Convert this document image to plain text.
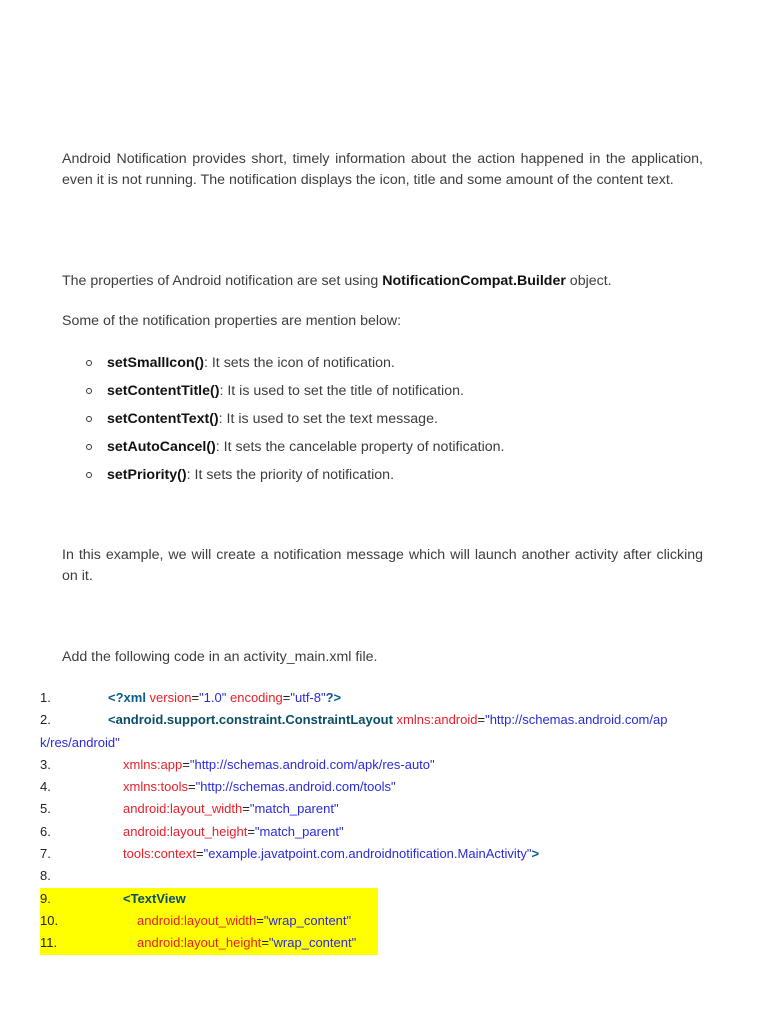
Android Notification provides short, timely information about the action happened in the application, even it is not running. The notification displays the icon, title and some amount of the content text.

The properties of Android notification are set using NotificationCompat.Builder object.

Some of the notification properties are mention below:

setSmallIcon(): It sets the icon of notification.
setContentTitle(): It is used to set the title of notification.
setContentText(): It is used to set the text message.
setAutoCancel(): It sets the cancelable property of notification.
setPriority(): It sets the priority of notification.

In this example, we will create a notification message which will launch another activity after clicking on it.

Add the following code in an activity_main.xml file.

1.	<?xml version="1.0" encoding="utf-8"?>
2.	<android.support.constraint.ConstraintLayout xmlns:android="http://schemas.android.com/ap
k/res/android"
3.	xmlns:app="http://schemas.android.com/apk/res-auto"
4.	xmlns:tools="http://schemas.android.com/tools"
5.	android:layout_width="match_parent"
6.	android:layout_height="match_parent"
7.	tools:context="example.javatpoint.com.androidnotification.MainActivity">
8.
9.	<TextView
10.	android:layout_width="wrap_content"
11.	android:layout_height="wrap_content"
